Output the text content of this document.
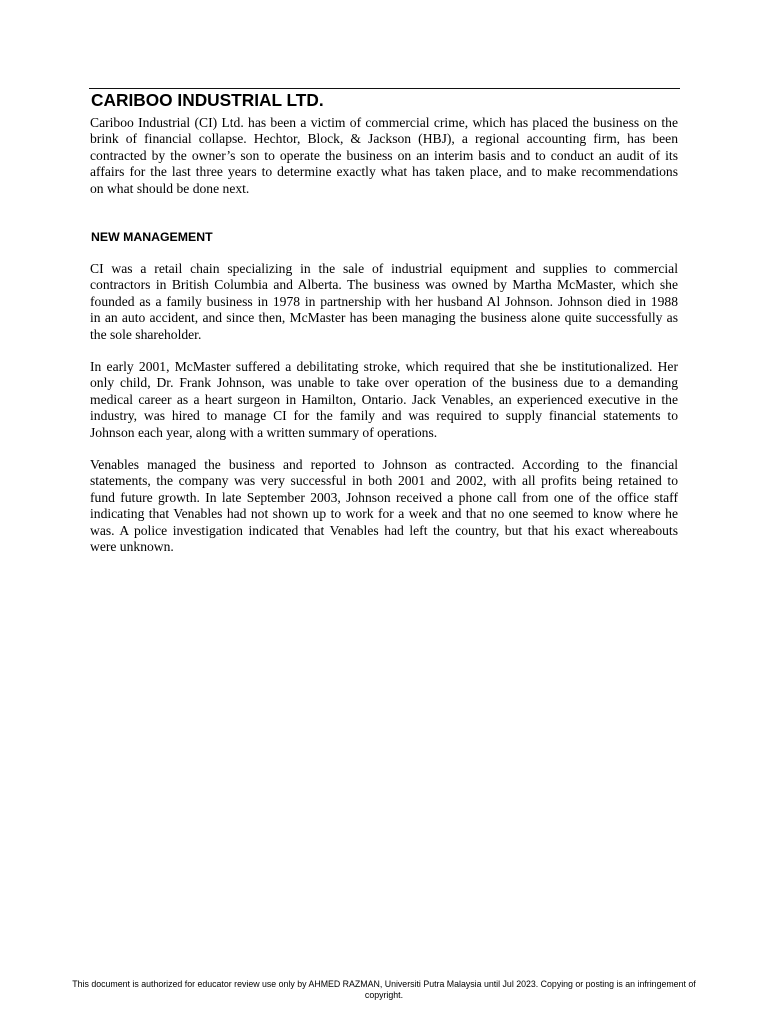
CARIBOO INDUSTRIAL LTD.

Cariboo Industrial (CI) Ltd. has been a victim of commercial crime, which has placed the business on the
brink of financial collapse. Hechtor, Block, & Jackson (HBJ), a regional accounting firm, has been
contracted by the owner’s son to operate the business on an interim basis and to conduct an audit of its
affairs for the last three years to determine exactly what has taken place, and to make recommendations
on what should be done next.

NEW MANAGEMENT

CI was a retail chain specializing in the sale of industrial equipment and supplies to commercial
contractors in British Columbia and Alberta. The business was owned by Martha McMaster, which she
founded as a family business in 1978 in partnership with her husband Al Johnson. Johnson died in 1988
in an auto accident, and since then, McMaster has been managing the business alone quite successfully as
the sole shareholder.

In early 2001, McMaster suffered a debilitating stroke, which required that she be institutionalized. Her
only child, Dr. Frank Johnson, was unable to take over operation of the business due to a demanding
medical career as a heart surgeon in Hamilton, Ontario. Jack Venables, an experienced executive in the
industry, was hired to manage CI for the family and was required to supply financial statements to
Johnson each year, along with a written summary of operations.

Venables managed the business and reported to Johnson as contracted. According to the financial
statements, the company was very successful in both 2001 and 2002, with all profits being retained to
fund future growth. In late September 2003, Johnson received a phone call from one of the office staff
indicating that Venables had not shown up to work for a week and that no one seemed to know where he
was. A police investigation indicated that Venables had left the country, but that his exact whereabouts
were unknown.

This document is authorized for educator review use only by AHMED RAZMAN, Universiti Putra Malaysia until Jul 2023. Copying or posting is an infringement of copyright.
